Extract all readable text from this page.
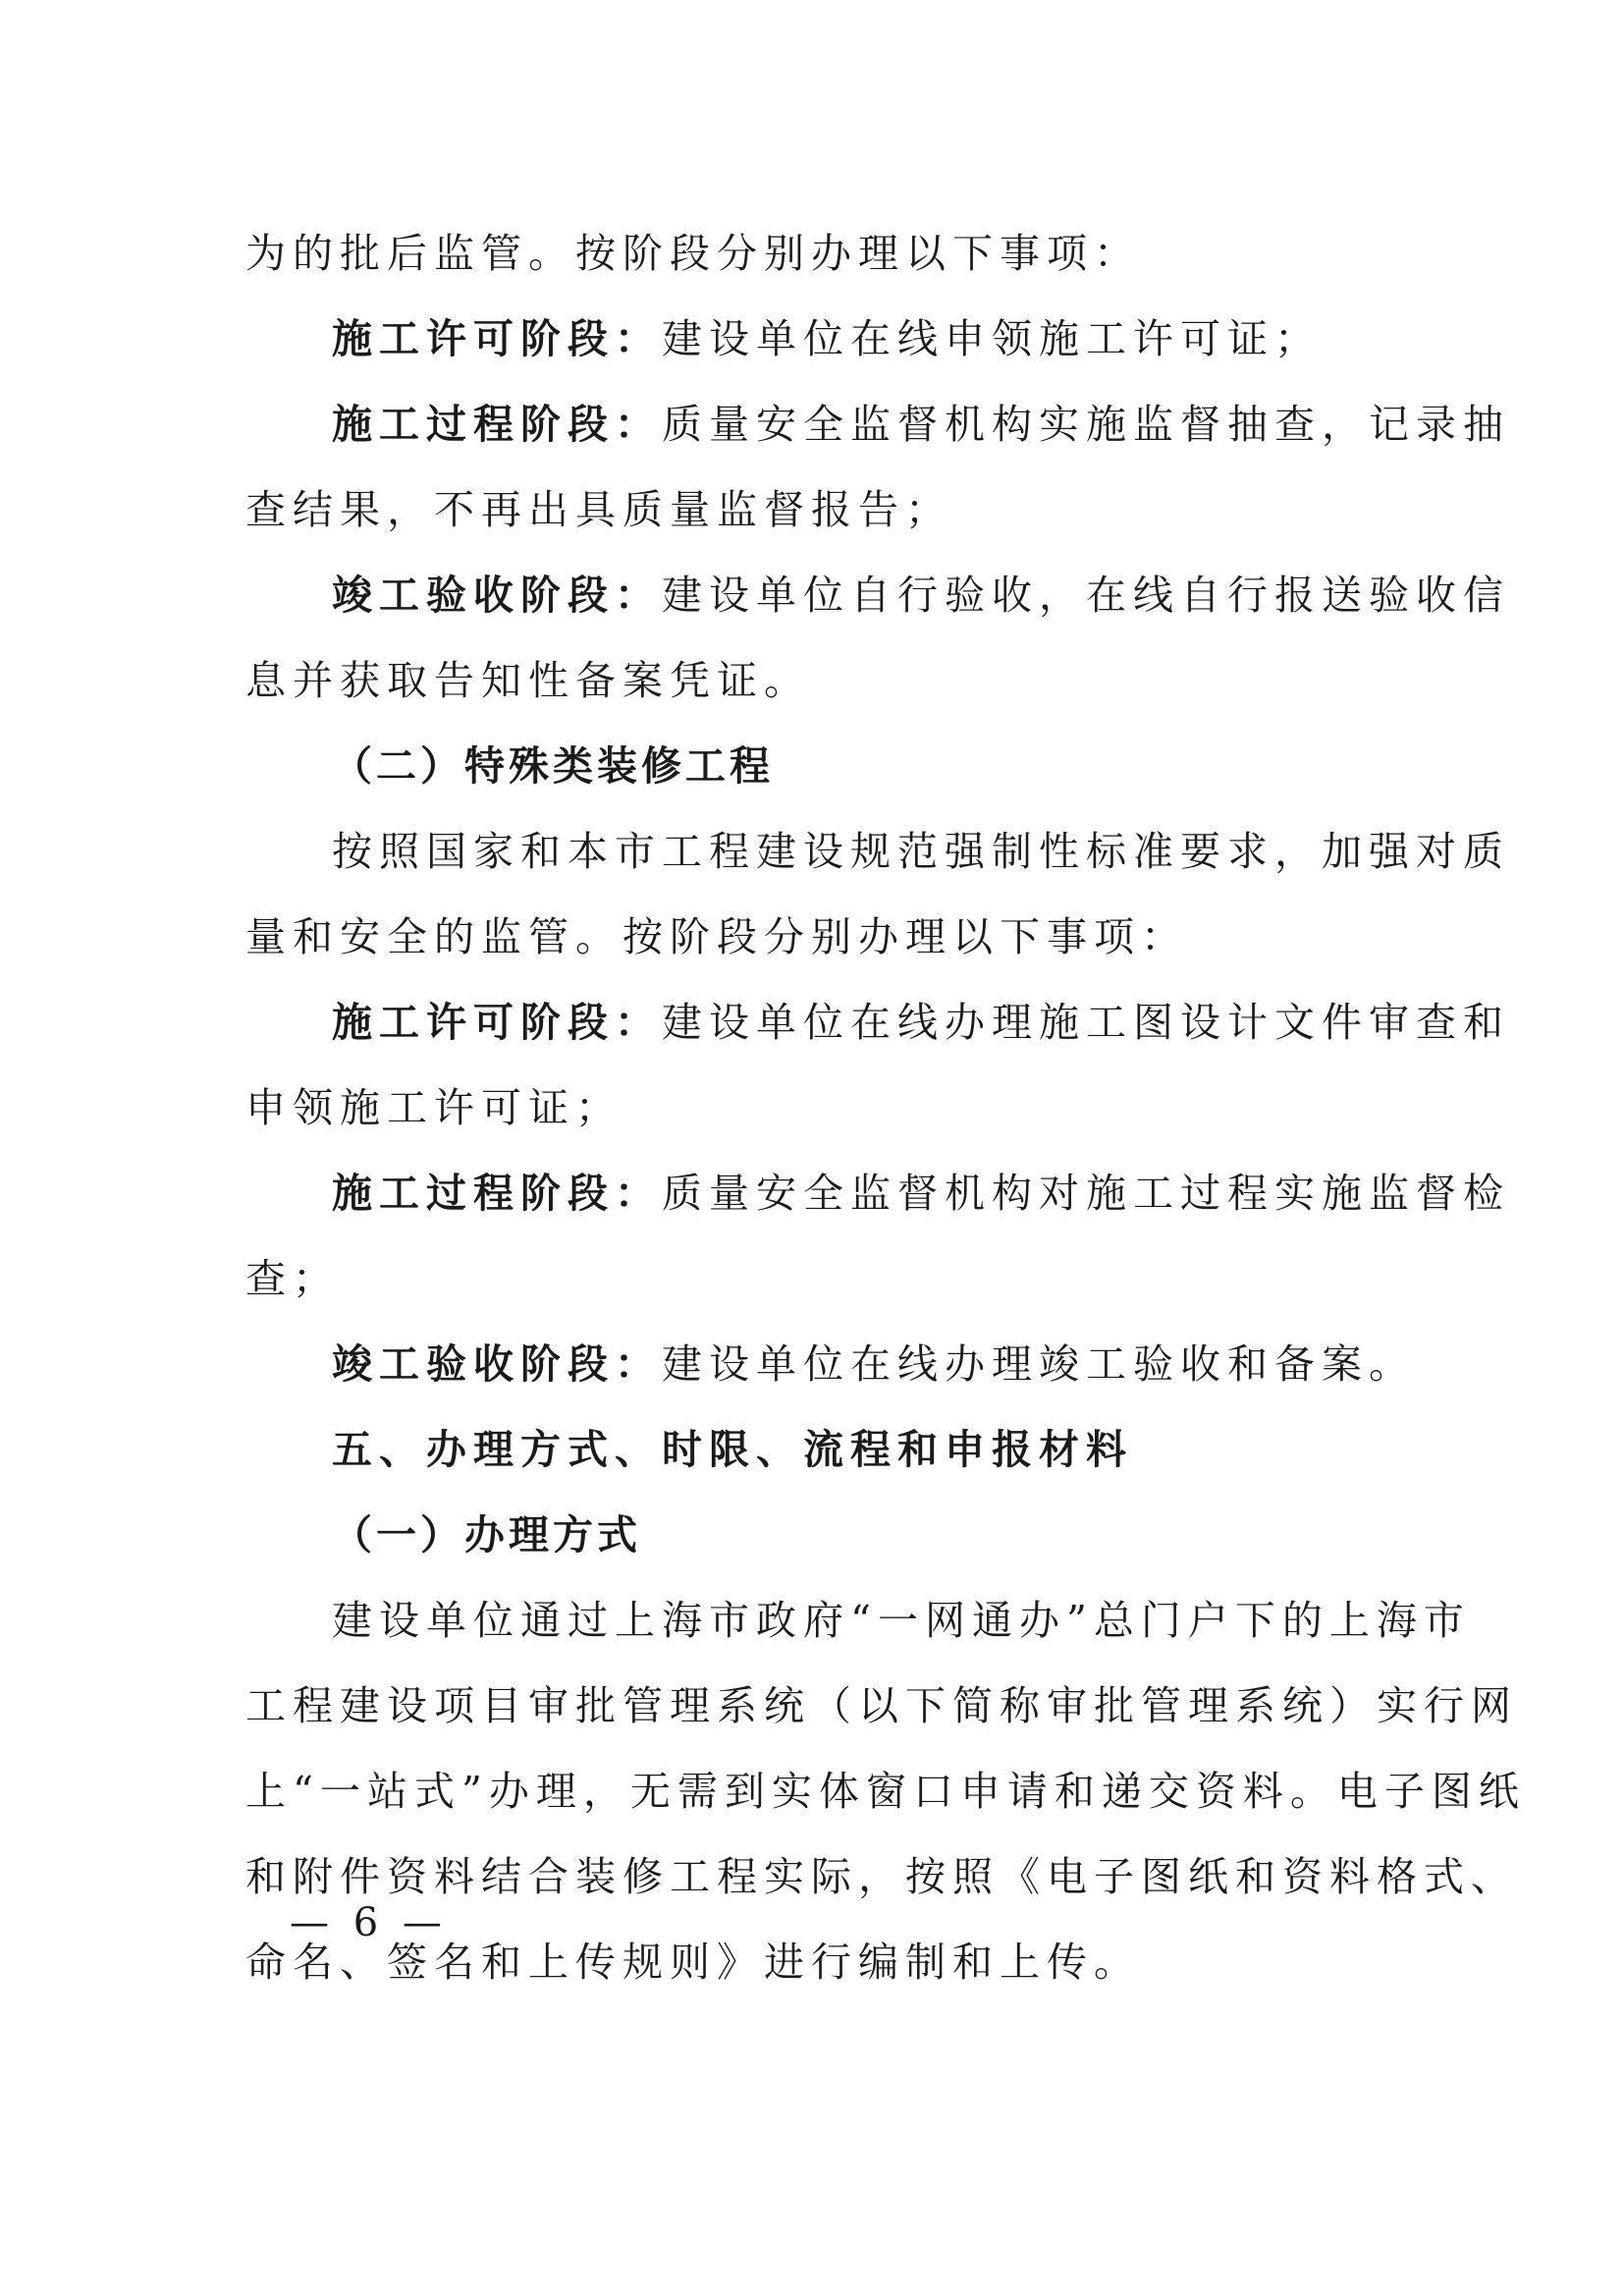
为的批后监管。按阶段分别办理以下事项：
施工许可阶段：建设单位在线申领施工许可证；
施工过程阶段：质量安全监督机构实施监督抽查，记录抽
查结果，不再出具质量监督报告；
竣工验收阶段：建设单位自行验收，在线自行报送验收信
息并获取告知性备案凭证。
（二）特殊类装修工程
按照国家和本市工程建设规范强制性标准要求，加强对质
量和安全的监管。按阶段分别办理以下事项：
施工许可阶段：建设单位在线办理施工图设计文件审查和
申领施工许可证；
施工过程阶段：质量安全监督机构对施工过程实施监督检
查；
竣工验收阶段：建设单位在线办理竣工验收和备案。
五、办理方式、时限、流程和申报材料
（一）办理方式
建设单位通过上海市政府“一网通办”总门户下的上海市
工程建设项目审批管理系统（以下简称审批管理系统）实行网
上“一站式”办理，无需到实体窗口申请和递交资料。电子图纸
和附件资料结合装修工程实际，按照《电子图纸和资料格式、
命名、签名和上传规则》进行编制和上传。
— 6 —
